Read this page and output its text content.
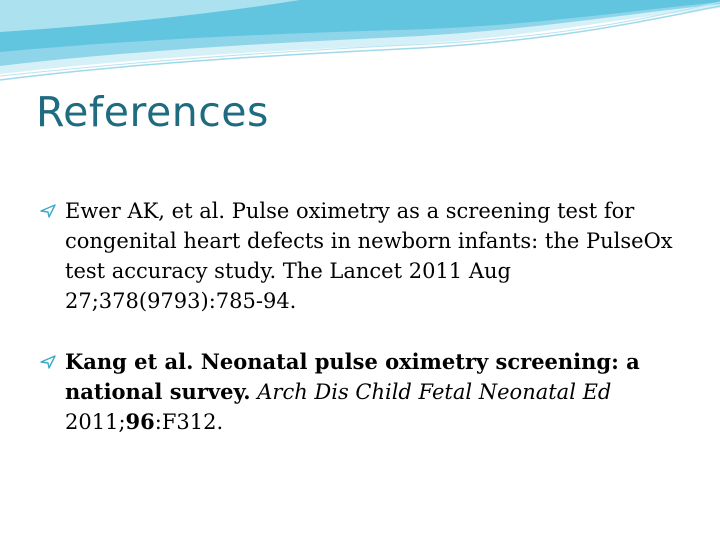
References
Ewer AK, et al. Pulse oximetry as a screening test for congenital heart defects in newborn infants: the PulseOx test accuracy study. The Lancet 2011 Aug 27;378(9793):785-94.
Kang et al. Neonatal pulse oximetry screening: a national survey. Arch Dis Child Fetal Neonatal Ed 2011;96:F312.
